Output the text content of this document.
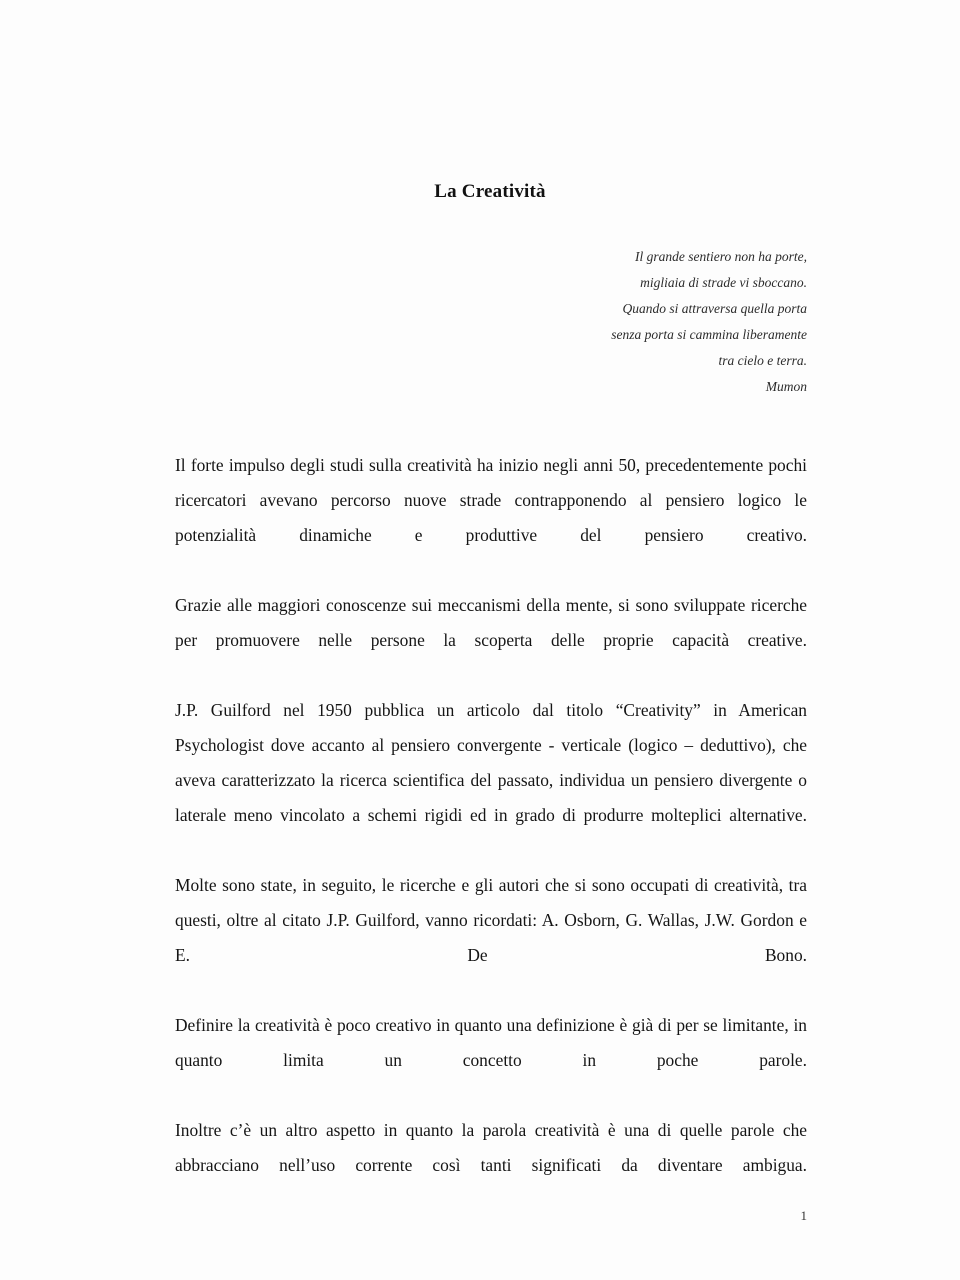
La Creatività
Il grande sentiero non ha porte,
migliaia di strade vi sboccano.
Quando si attraversa quella porta
senza porta si cammina liberamente
tra cielo e terra.
Mumon

Il forte impulso degli studi sulla creatività ha inizio negli anni 50, precedentemente pochi ricercatori avevano percorso nuove strade contrapponendo al pensiero logico le potenzialità dinamiche e produttive del pensiero creativo.

Grazie alle maggiori conoscenze sui meccanismi della mente, si sono sviluppate ricerche per promuovere nelle persone la scoperta delle proprie capacità creative.

J.P. Guilford nel 1950 pubblica un articolo dal titolo “Creativity” in American Psychologist dove accanto al pensiero convergente - verticale (logico – deduttivo), che aveva caratterizzato la ricerca scientifica del passato, individua un pensiero divergente o laterale meno vincolato a schemi rigidi ed in grado di produrre molteplici alternative.

Molte sono state, in seguito, le ricerche e gli autori che si sono occupati di creatività, tra questi, oltre al citato J.P. Guilford, vanno ricordati: A. Osborn, G. Wallas, J.W. Gordon e E. De Bono.

Definire la creatività è poco creativo in quanto una definizione è già di per se limitante, in quanto limita un concetto in poche parole.

Inoltre c’è un altro aspetto in quanto la parola creatività è una di quelle parole che abbracciano nell’uso corrente così tanti significati da diventare ambigua.

1
